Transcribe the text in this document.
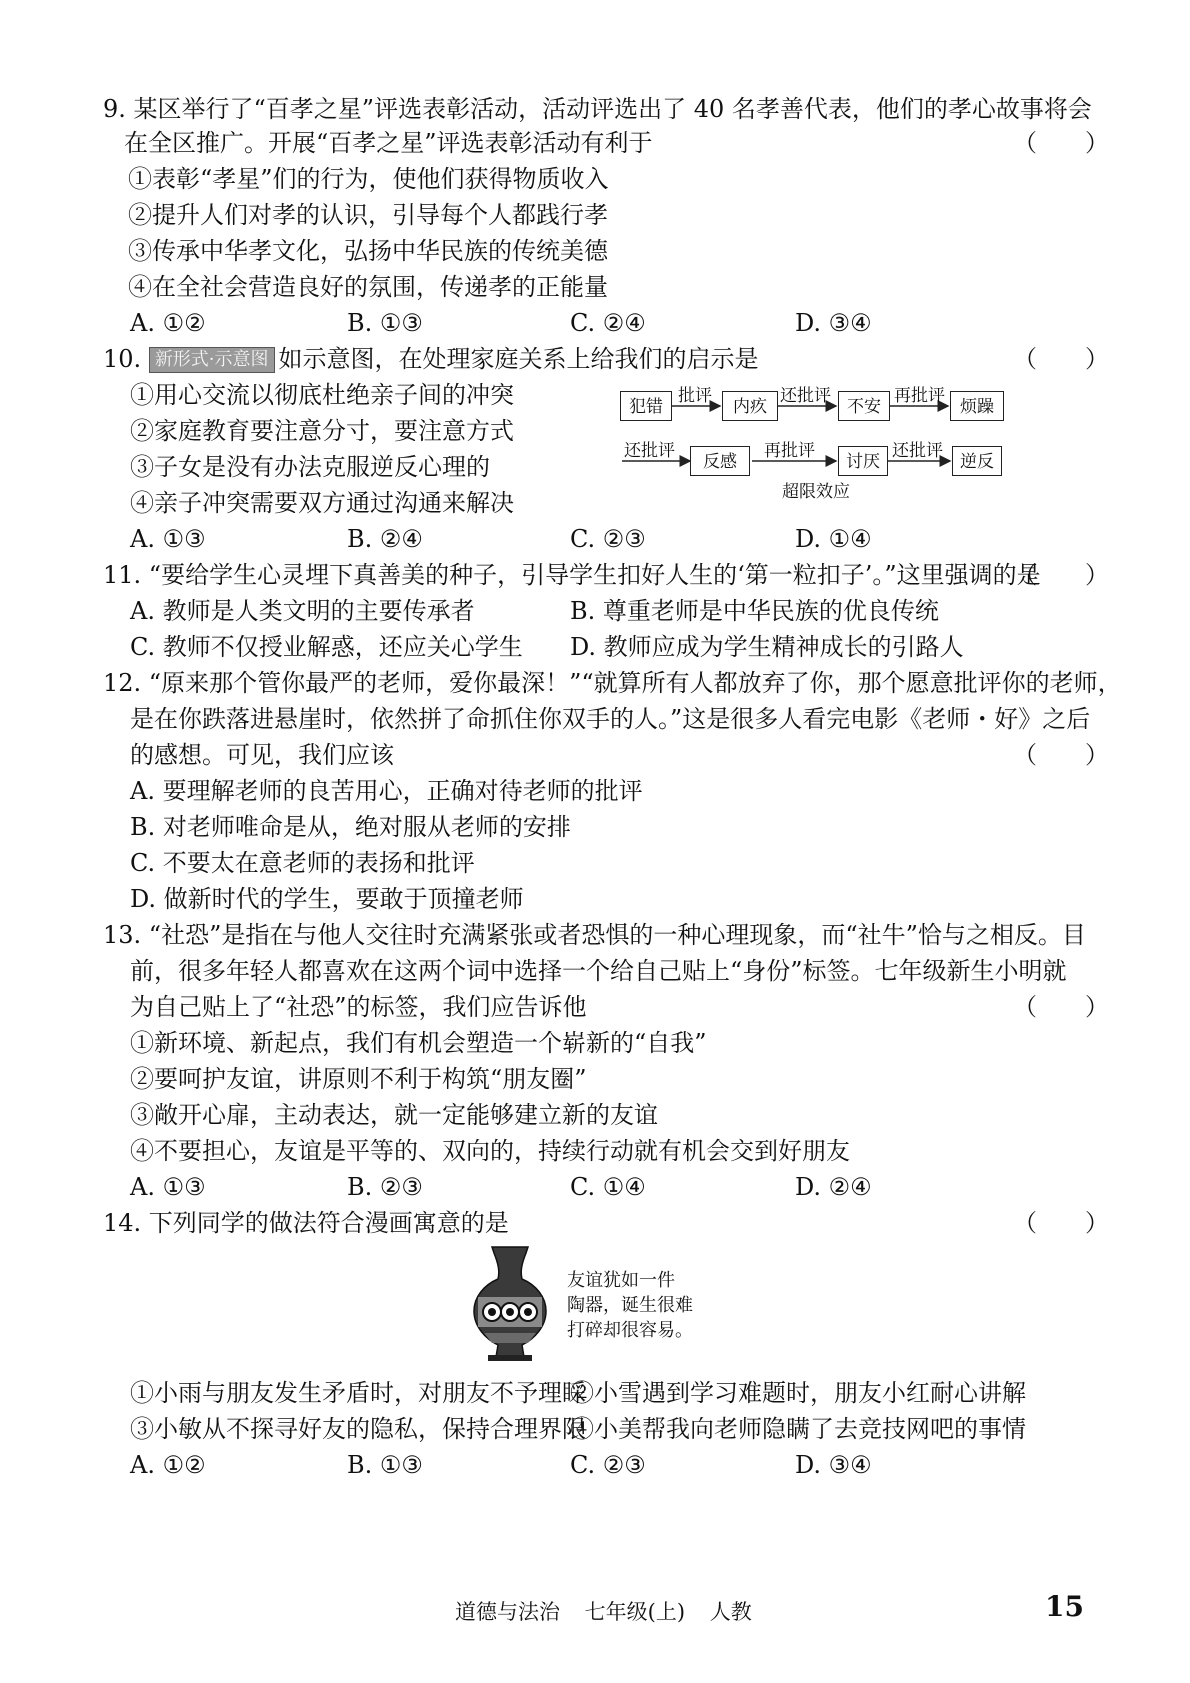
9. 某区举行了“百孝之星”评选表彰活动，活动评选出了 40 名孝善代表，他们的孝心故事将会
在全区推广。开展“百孝之星”评选表彰活动有利于	（　　）
①表彰“孝星”们的行为，使他们获得物质收入
②提升人们对孝的认识，引导每个人都践行孝
③传承中华孝文化，弘扬中华民族的传统美德
④在全社会营造良好的氛围，传递孝的正能量
A. ①②	B. ①③	C. ②④	D. ③④
10. 新形式·示意图 如示意图，在处理家庭关系上给我们的启示是	（　　）
①用心交流以彻底杜绝亲子间的冲突
②家庭教育要注意分寸，要注意方式
③子女是没有办法克服逆反心理的
④亲子冲突需要双方通过沟通来解决
犯错	内疚	不安	烦躁
批评	还批评	再批评
还批评
反感	讨厌	逆反
再批评	还批评
超限效应
A. ①③	B. ②④	C. ②③	D. ①④
11. “要给学生心灵埋下真善美的种子，引导学生扣好人生的‘第一粒扣子’。”这里强调的是
（　　）
A. 教师是人类文明的主要传承者	B. 尊重老师是中华民族的优良传统
C. 教师不仅授业解惑，还应关心学生 D. 教师应成为学生精神成长的引路人
12. “原来那个管你最严的老师，爱你最深！”“就算所有人都放弃了你，那个愿意批评你的老师，
是在你跌落进悬崖时，依然拼了命抓住你双手的人。”这是很多人看完电影《老师・好》之后
的感想。可见，我们应该	（　　）
A. 要理解老师的良苦用心，正确对待老师的批评
B. 对老师唯命是从，绝对服从老师的安排
C. 不要太在意老师的表扬和批评
D. 做新时代的学生，要敢于顶撞老师
13. “社恐”是指在与他人交往时充满紧张或者恐惧的一种心理现象，而“社牛”恰与之相反。目
前，很多年轻人都喜欢在这两个词中选择一个给自己贴上“身份”标签。七年级新生小明就
为自己贴上了“社恐”的标签，我们应告诉他	（　　）
①新环境、新起点，我们有机会塑造一个崭新的“自我”
②要呵护友谊，讲原则不利于构筑“朋友圈”
③敞开心扉，主动表达，就一定能够建立新的友谊
④不要担心，友谊是平等的、双向的，持续行动就有机会交到好朋友
A. ①③	B. ②③	C. ①④	D. ②④
14. 下列同学的做法符合漫画寓意的是	（　　）
友谊犹如一件
陶器，诞生很难
打碎却很容易。
①小雨与朋友发生矛盾时，对朋友不予理睬
②小雪遇到学习难题时，朋友小红耐心讲解
③小敏从不探寻好友的隐私，保持合理界限
④小美帮我向老师隐瞒了去竞技网吧的事情
A. ①②	B. ①③	C. ②③	D. ③④
道德与法治 七年级(上) 人教	15
